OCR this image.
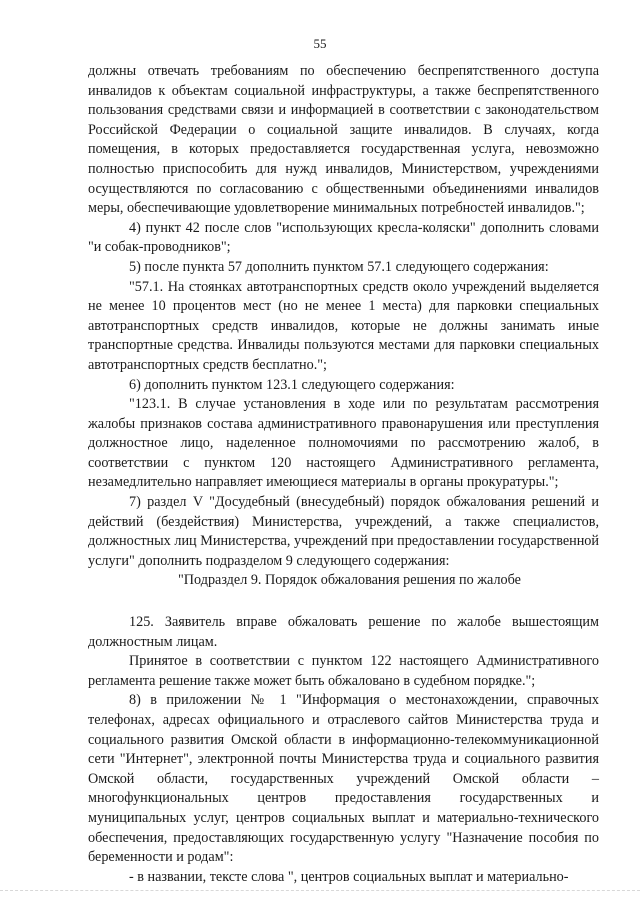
55

должны отвечать требованиям по обеспечению беспрепятственного доступа инвалидов к объектам социальной инфраструктуры, а также беспрепятственного пользования средствами связи и информацией в соответствии с законодательством Российской Федерации о социальной защите инвалидов. В случаях, когда помещения, в которых предоставляется государственная услуга, невозможно полностью приспособить для нужд инвалидов, Министерством, учреждениями осуществляются по согласованию с общественными объединениями инвалидов меры, обеспечивающие удовлетворение минимальных потребностей инвалидов.";

4) пункт 42 после слов "использующих кресла-коляски" дополнить словами "и собак-проводников";

5) после пункта 57 дополнить пунктом 57.1 следующего содержания:

"57.1. На стоянках автотранспортных средств около учреждений выделяется не менее 10 процентов мест (но не менее 1 места) для парковки специальных автотранспортных средств инвалидов, которые не должны занимать иные транспортные средства. Инвалиды пользуются местами для парковки специальных автотранспортных средств бесплатно.";

6) дополнить пунктом 123.1 следующего содержания:

"123.1. В случае установления в ходе или по результатам рассмотрения жалобы признаков состава административного правонарушения или преступления должностное лицо, наделенное полномочиями по рассмотрению жалоб, в соответствии с пунктом 120 настоящего Административного регламента, незамедлительно направляет имеющиеся материалы в органы прокуратуры.";

7) раздел V "Досудебный (внесудебный) порядок обжалования решений и действий (бездействия) Министерства, учреждений, а также специалистов, должностных лиц Министерства, учреждений при предоставлении государственной услуги" дополнить подразделом 9 следующего содержания:

"Подраздел 9. Порядок обжалования решения по жалобе

125. Заявитель вправе обжаловать решение по жалобе вышестоящим должностным лицам.

Принятое в соответствии с пунктом 122 настоящего Административного регламента решение также может быть обжаловано в судебном порядке.";

8) в приложении № 1 "Информация о местонахождении, справочных телефонах, адресах официального и отраслевого сайтов Министерства труда и социального развития Омской области в информационно-телекоммуникационной сети "Интернет", электронной почты Министерства труда и социального развития Омской области, государственных учреждений Омской области – многофункциональных центров предоставления государственных и муниципальных услуг, центров социальных выплат и материально-технического обеспечения, предоставляющих государственную услугу "Назначение пособия по беременности и родам":

- в названии, тексте слова ", центров социальных выплат и материально-
